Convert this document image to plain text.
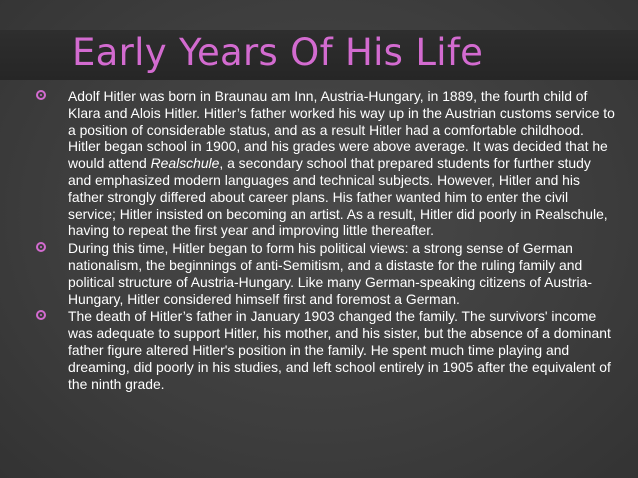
Early Years Of His Life
Adolf Hitler was born in Braunau am Inn, Austria-Hungary, in 1889, the fourth child of Klara and Alois Hitler. Hitler’s father worked his way up in the Austrian customs service to a position of considerable status, and as a result Hitler had a comfortable childhood. Hitler began school in 1900, and his grades were above average. It was decided that he would attend Realschule, a secondary school that prepared students for further study and emphasized modern languages and technical subjects. However, Hitler and his father strongly differed about career plans. His father wanted him to enter the civil service; Hitler insisted on becoming an artist. As a result, Hitler did poorly in Realschule, having to repeat the first year and improving little thereafter.
During this time, Hitler began to form his political views: a strong sense of German nationalism, the beginnings of anti-Semitism, and a distaste for the ruling family and political structure of Austria-Hungary. Like many German-speaking citizens of Austria-Hungary, Hitler considered himself first and foremost a German.
The death of Hitler’s father in January 1903 changed the family. The survivors' income was adequate to support Hitler, his mother, and his sister, but the absence of a dominant father figure altered Hitler's position in the family. He spent much time playing and dreaming, did poorly in his studies, and left school entirely in 1905 after the equivalent of the ninth grade.
